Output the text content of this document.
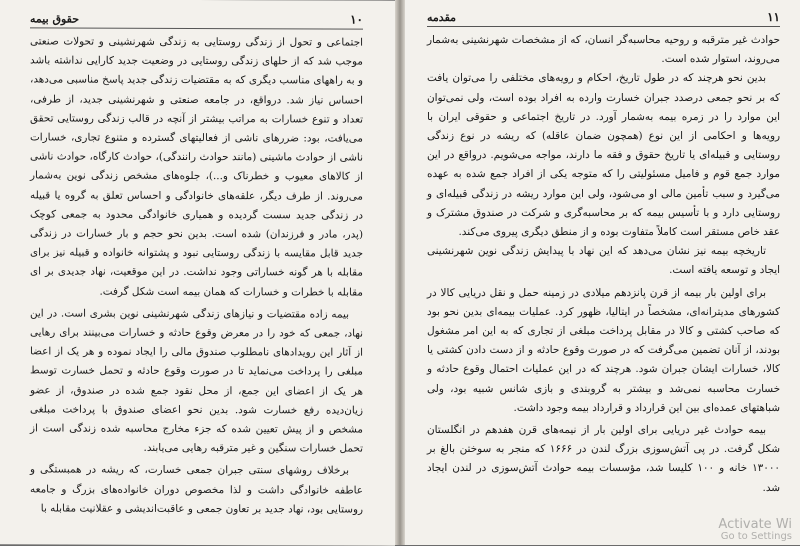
۱۰
حقوق بیمه

اجتماعی و تحول از زندگی روستایی به زندگی شهرنشینی و تحولات صنعتی موجب شد که از حلهای زندگی روستایی در وضعیت جدید کارایی نداشته باشد و به راههای مناسب دیگری که به مقتضیات زندگی جدید پاسخ مناسبی می‌دهد، احساس نیاز شد. درواقع، در جامعه صنعتی و شهرنشینی جدید، از طرفی، تعداد و تنوع خسارات به مراتب بیشتر از آنچه در قالب زندگی روستایی تحقق می‌یافت، بود: ضررهای ناشی از فعالیتهای گسترده و متنوع تجاری، خسارات ناشی از حوادث ماشینی (مانند حوادث رانندگی)، حوادث کارگاه، حوادث ناشی از کالاهای معیوب و خطرناک و...)، جلوه‌های مشخص زندگی نوین به‌شمار می‌روند. از طرف دیگر، علقه‌های خانوادگی و احساس تعلق به گروه یا قبیله در زندگی جدید سست گردیده و همیاری خانوادگی محدود به جمعی کوچک (پدر، مادر و فرزندان) شده است. بدین نحو حجم و بار خسارات در زندگی جدید قابل مقایسه با زندگی روستایی نبود و پشتوانه خانواده و قبیله نیز برای مقابله با هر گونه خساراتی وجود نداشت. در این موقعیت، نهاد جدیدی بر ای مقابله با خطرات و خسارات که همان بیمه است شکل گرفت.

بیمه زاده مقتضیات و نیازهای زندگی شهرنشینی نوین بشری است. در این نهاد، جمعی که خود را در معرض وقوع حادثه و خسارات می‌بینند برای رهایی از آثار این رویدادهای نامطلوب صندوق مالی را ایجاد نموده و هر یک از اعضا مبلغی را پرداخت می‌نماید تا در صورت وقوع حادثه و تحمل خسارت توسط هر یک از اعضای این جمع، از محل نقود جمع شده در صندوق، از عضو زیان‌دیده رفع خسارت شود. بدین نحو اعضای صندوق با پرداخت مبلغی مشخص و از پیش تعیین شده که جزء مخارج محاسبه شده زندگی است از تحمل خسارات سنگین و غیر مترقبه رهایی می‌یابند.

برخلاف روشهای سنتی جبران جمعی خسارت، که ریشه در همبستگی و عاطفه خانوادگی داشت و لذا مخصوص دوران خانواده‌های بزرگ و جامعه روستایی بود، نهاد جدید بر تعاون جمعی و عاقبت‌اندیشی و عقلانیت مقابله با

۱۱
مقدمه

حوادث غیر مترقبه و روحیه محاسبه‌گر انسان، که از مشخصات شهرنشینی به‌شمار می‌روند، استوار شده است.

بدین نحو هرچند که در طول تاریخ، احکام و رویه‌های مختلفی را می‌توان یافت که بر نحو جمعی درصدد جبران خسارت وارده به افراد بوده است، ولی نمی‌توان این موارد را در زمره بیمه به‌شمار آورد. در تاریخ اجتماعی و حقوقی ایران با رویه‌ها و احکامی از این نوع (همچون ضمان عاقله) که ریشه در نوع زندگی روستایی و قبیله‌ای یا تاریخ حقوق و فقه ما دارند، مواجه می‌شویم. درواقع در این موارد جمع قوم و فامیل مسئولیتی را که متوجه یکی از افراد جمع شده به عهده می‌گیرد و سبب تأمین مالی او می‌شود، ولی این موارد ریشه در زندگی قبیله‌ای و روستایی دارد و با تأسیس بیمه که بر محاسبه‌گری و شرکت در صندوق مشترک و عقد خاص مستقر است کاملاً متفاوت بوده و از منطق دیگری پیروی می‌کند.

تاریخچه بیمه نیز نشان می‌دهد که این نهاد با پیدایش زندگی نوین شهرنشینی ایجاد و توسعه یافته است.

برای اولین بار بیمه از قرن پانزدهم میلادی در زمینه حمل و نقل دریایی کالا در کشورهای مدیترانه‌ای، مشخصاً در ایتالیا، ظهور کرد. عملیات بیمه‌ای بدین نحو بود که صاحب کشتی و کالا در مقابل پرداخت مبلغی از تجاری که به این امر مشغول بودند، از آنان تضمین می‌گرفت که در صورت وقوع حادثه و از دست دادن کشتی یا کالا، خسارات ایشان جبران شود. هرچند که در این عملیات احتمال وقوع حادثه و خسارت محاسبه نمی‌شد و بیشتر به گروبندی و بازی شانس شبیه بود، ولی شباهتهای عمده‌ای بین این قرارداد و قرارداد بیمه وجود داشت.

بیمه حوادث غیر دریایی برای اولین بار از نیمه‌های قرن هفدهم در انگلستان شکل گرفت. در پی آتش‌سوزی بزرگ لندن در ۱۶۶۶ که منجر به سوختن بالغ بر ۱۳۰۰۰ خانه و ۱۰۰ کلیسا شد، مؤسسات بیمه حوادث آتش‌سوزی در لندن ایجاد شد.

Activate Wi
Go to Settings
